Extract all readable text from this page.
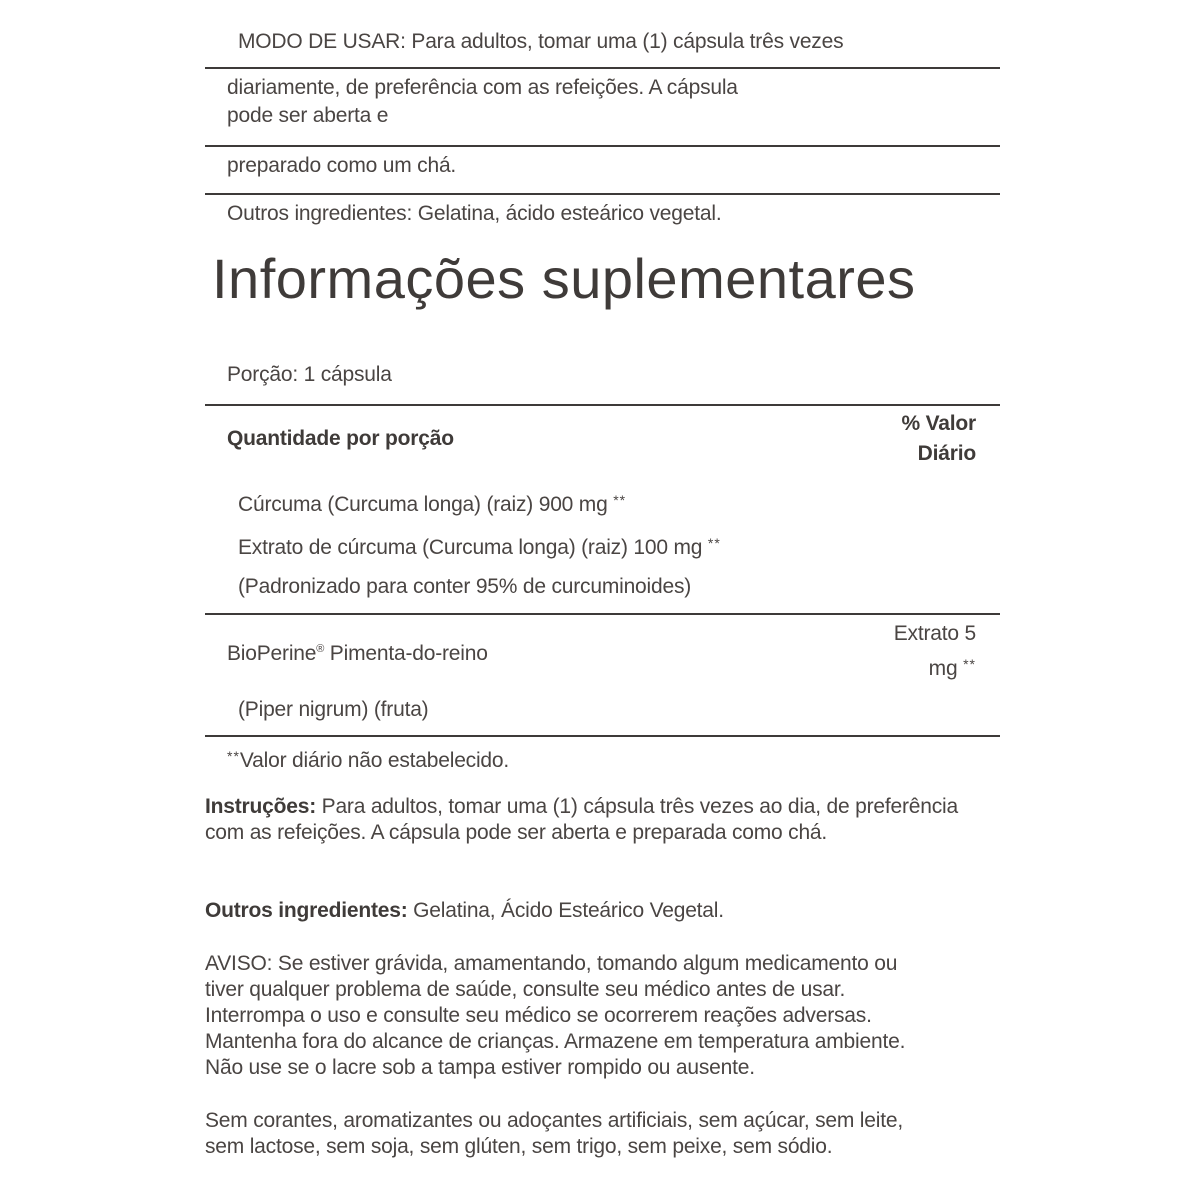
MODO DE USAR: Para adultos, tomar uma (1) cápsula três vezes
diariamente, de preferência com as refeições. A cápsula
pode ser aberta e
preparado como um chá.
Outros ingredientes: Gelatina, ácido esteárico vegetal.
Informações suplementares
Porção: 1 cápsula
Quantidade por porção
% Valor
Diário
Cúrcuma (Curcuma longa) (raiz) 900 mg **
Extrato de cúrcuma (Curcuma longa) (raiz) 100 mg **
(Padronizado para conter 95% de curcuminoides)
BioPerine® Pimenta-do-reino
Extrato 5
mg **
(Piper nigrum) (fruta)
**Valor diário não estabelecido.
Instruções: Para adultos, tomar uma (1) cápsula três vezes ao dia, de preferência com as refeições. A cápsula pode ser aberta e preparada como chá.
Outros ingredientes: Gelatina, Ácido Esteárico Vegetal.
AVISO: Se estiver grávida, amamentando, tomando algum medicamento ou
tiver qualquer problema de saúde, consulte seu médico antes de usar.
Interrompa o uso e consulte seu médico se ocorrerem reações adversas.
Mantenha fora do alcance de crianças. Armazene em temperatura ambiente.
Não use se o lacre sob a tampa estiver rompido ou ausente.
Sem corantes, aromatizantes ou adoçantes artificiais, sem açúcar, sem leite,
sem lactose, sem soja, sem glúten, sem trigo, sem peixe, sem sódio.
